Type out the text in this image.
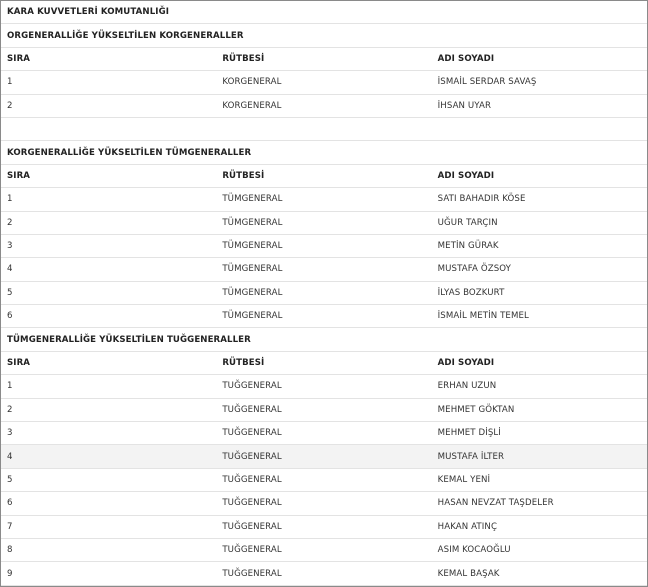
KARA KUVVETLERİ KOMUTANLIĞI		
ORGENERALLİĞE YÜKSELTİLEN KORGENERALLER		
SIRA	RÜTBESİ	ADI SOYADI
1	KORGENERAL	İSMAİL SERDAR SAVAŞ
2	KORGENERAL	İHSAN UYAR

KORGENERALLİĞE YÜKSELTİLEN TÜMGENERALLER		
SIRA	RÜTBESİ	ADI SOYADI
1	TÜMGENERAL	SATI BAHADIR KÖSE
2	TÜMGENERAL	UĞUR TARÇIN
3	TÜMGENERAL	METİN GÜRAK
4	TÜMGENERAL	MUSTAFA ÖZSOY
5	TÜMGENERAL	İLYAS BOZKURT
6	TÜMGENERAL	İSMAİL METİN TEMEL
TÜMGENERALLİĞE YÜKSELTİLEN TUĞGENERALLER		
SIRA	RÜTBESİ	ADI SOYADI
1	TUĞGENERAL	ERHAN UZUN
2	TUĞGENERAL	MEHMET GÖKTAN
3	TUĞGENERAL	MEHMET DİŞLİ
4	TUĞGENERAL	MUSTAFA İLTER
5	TUĞGENERAL	KEMAL YENİ
6	TUĞGENERAL	HASAN NEVZAT TAŞDELER
7	TUĞGENERAL	HAKAN ATINÇ
8	TUĞGENERAL	ASIM KOCAOĞLU
9	TUĞGENERAL	KEMAL BAŞAK
